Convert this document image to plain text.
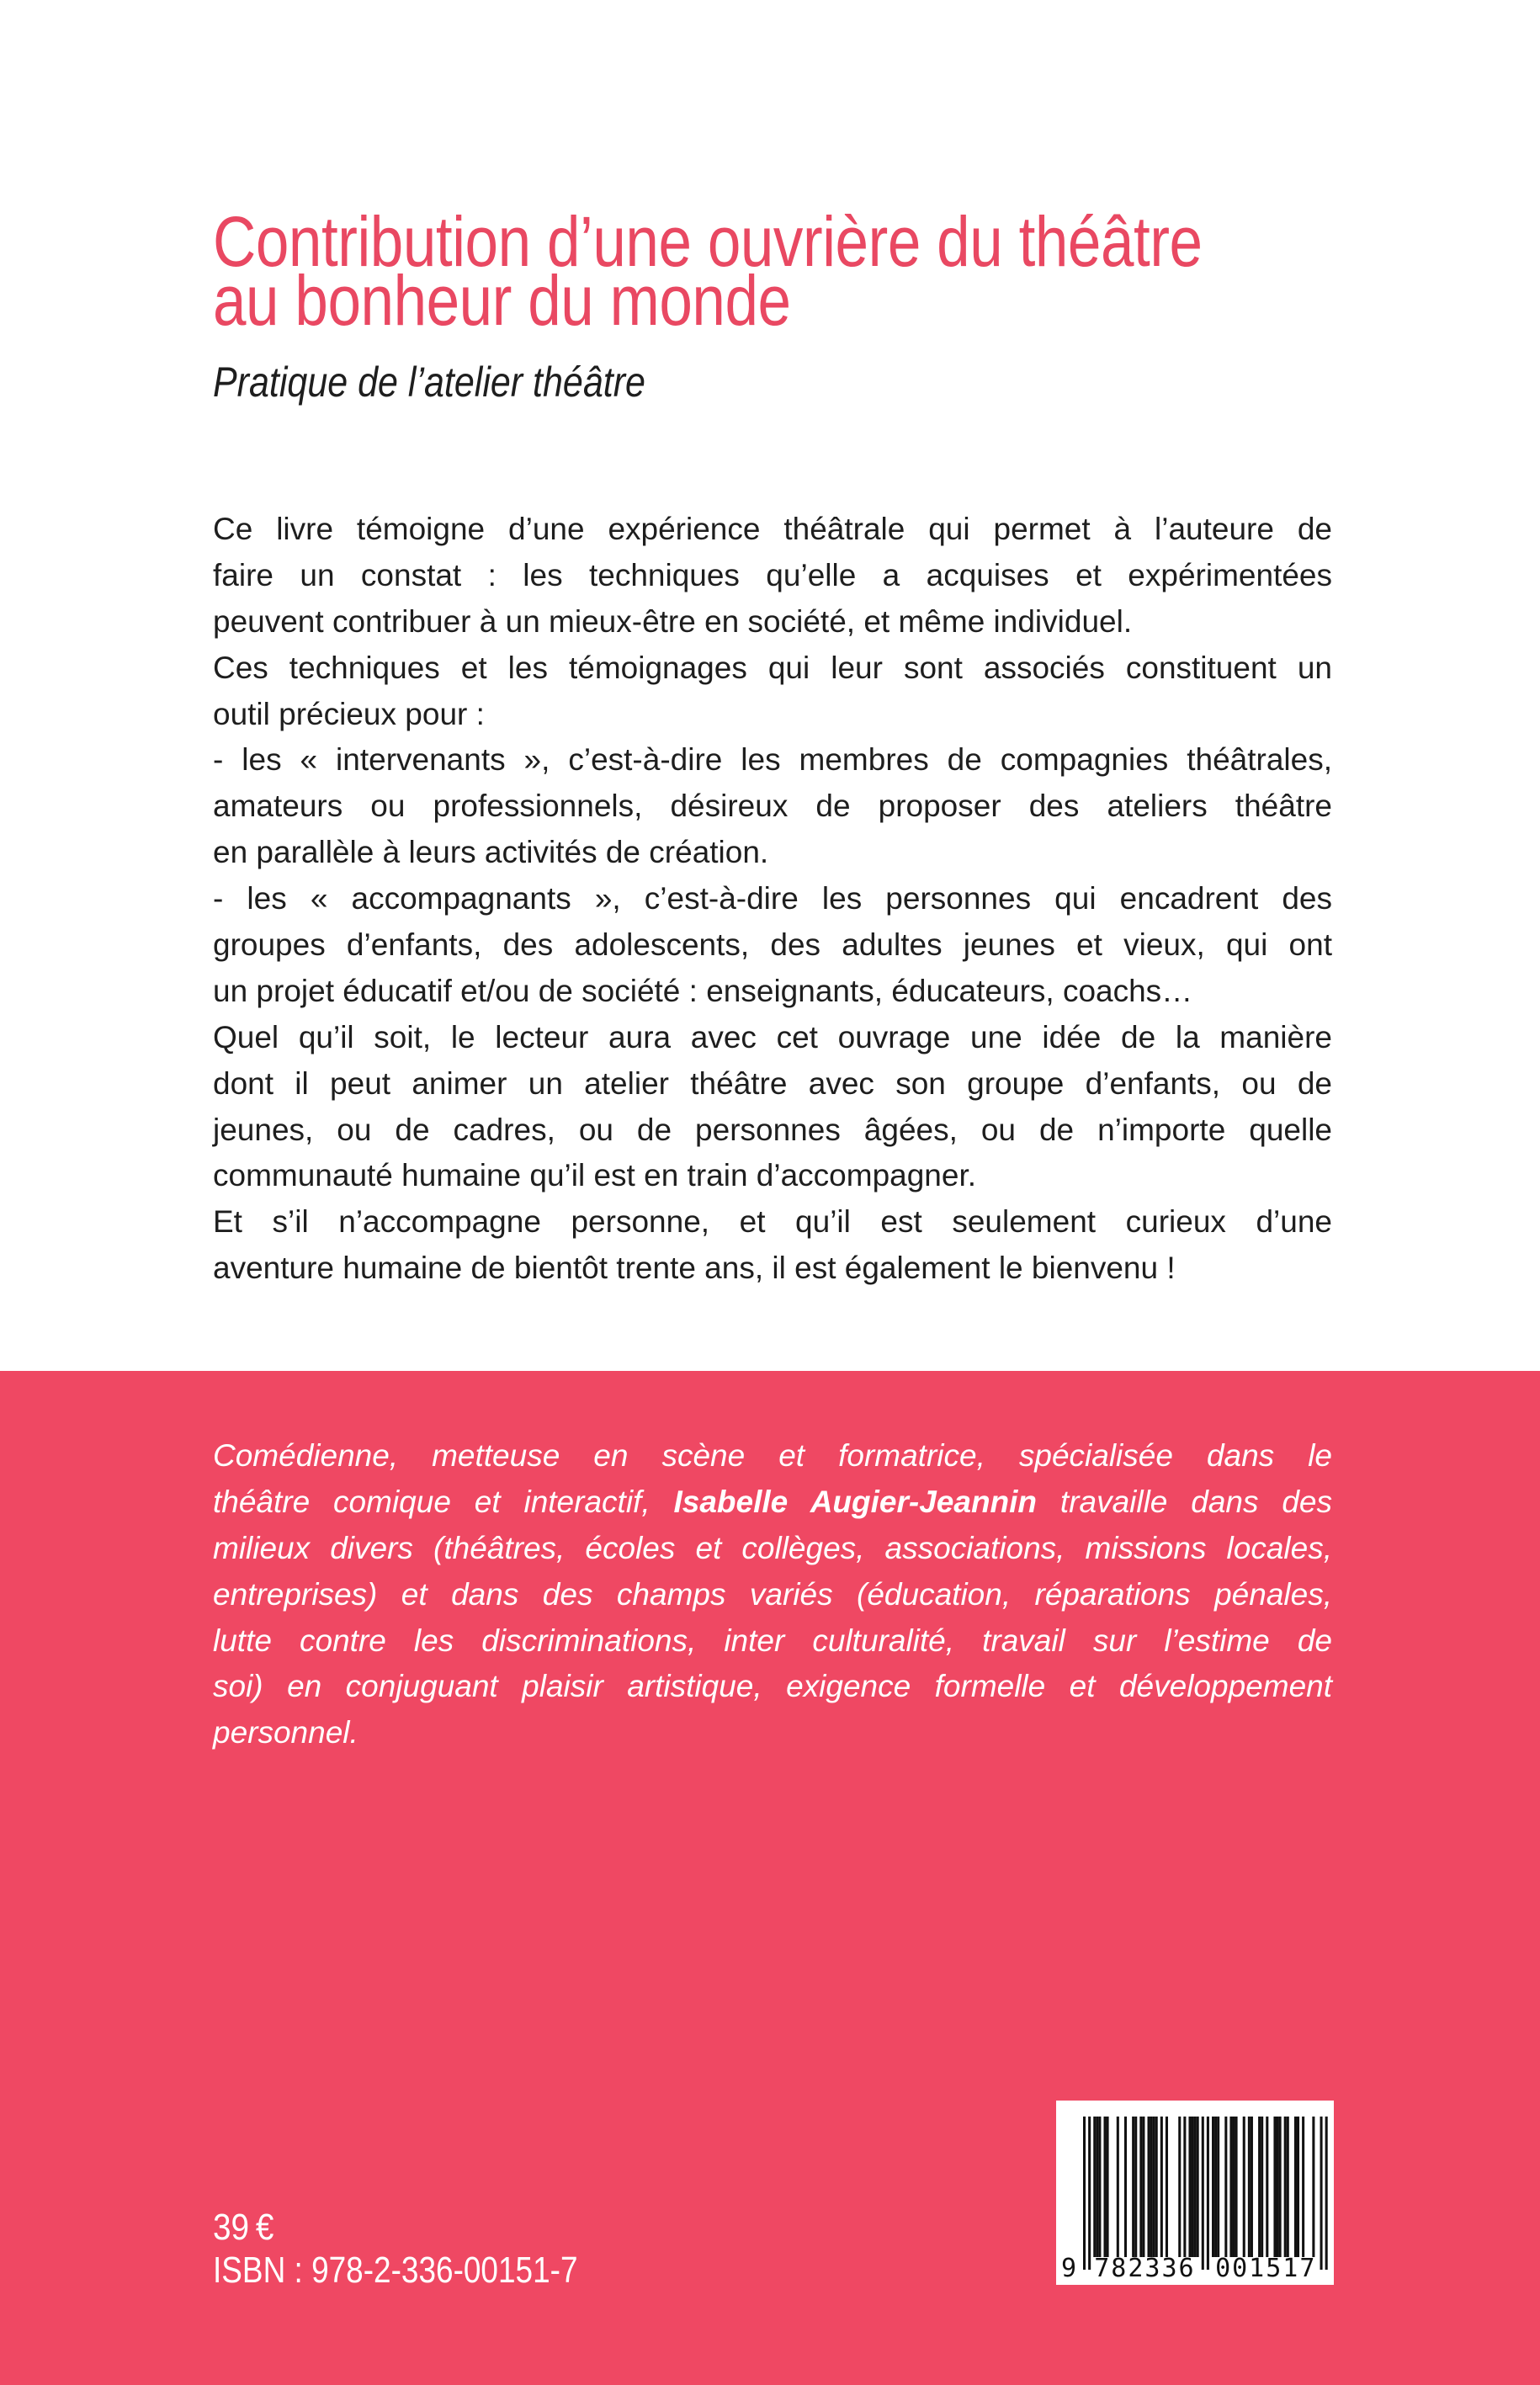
Contribution d’une ouvrière du théâtre
au bonheur du monde
Pratique de l’atelier théâtre
Ce livre témoigne d’une expérience théâtrale qui permet à l’auteure de
faire un constat : les techniques qu’elle a acquises et expérimentées
peuvent contribuer à un mieux-être en société, et même individuel.
Ces techniques et les témoignages qui leur sont associés constituent un
outil précieux pour :
- les « intervenants », c’est-à-dire les membres de compagnies théâtrales,
amateurs ou professionnels, désireux de proposer des ateliers théâtre
en parallèle à leurs activités de création.
- les « accompagnants », c’est-à-dire les personnes qui encadrent des
groupes d’enfants, des adolescents, des adultes jeunes et vieux, qui ont
un projet éducatif et/ou de société : enseignants, éducateurs, coachs…
Quel qu’il soit, le lecteur aura avec cet ouvrage une idée de la manière
dont il peut animer un atelier théâtre avec son groupe d’enfants, ou de
jeunes, ou de cadres, ou de personnes âgées, ou de n’importe quelle
communauté humaine qu’il est en train d’accompagner.
Et s’il n’accompagne personne, et qu’il est seulement curieux d’une
aventure humaine de bientôt trente ans, il est également le bienvenu !
Comédienne, metteuse en scène et formatrice, spécialisée dans le
théâtre comique et interactif, Isabelle Augier-Jeannin travaille dans des
milieux divers (théâtres, écoles et collèges, associations, missions locales,
entreprises) et dans des champs variés (éducation, réparations pénales,
lutte contre les discriminations, inter culturalité, travail sur l’estime de
soi) en conjuguant plaisir artistique, exigence formelle et développement
personnel.
39 €
ISBN : 978-2-336-00151-7	9 782336 001517
